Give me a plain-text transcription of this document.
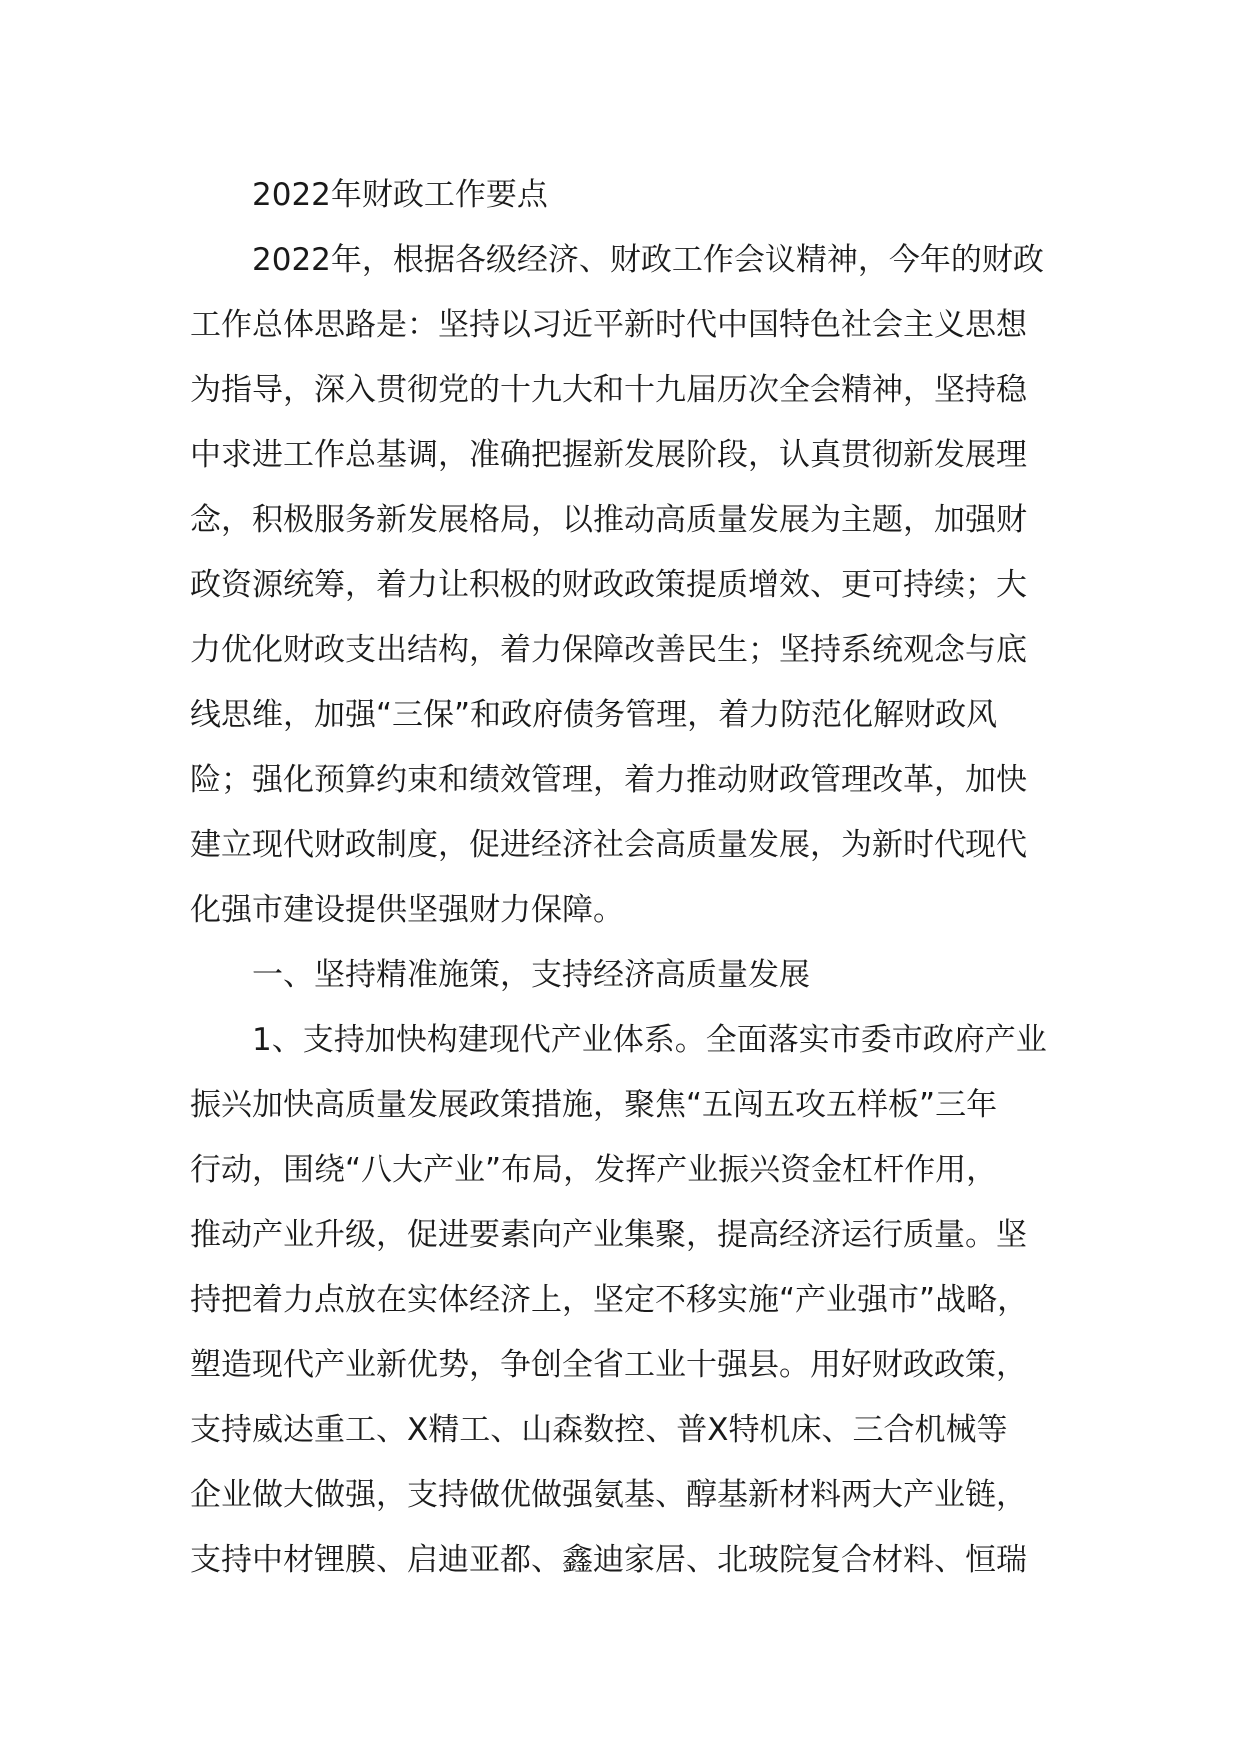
2022年财政工作要点
2022年，根据各级经济、财政工作会议精神，今年的财政
工作总体思路是：坚持以习近平新时代中国特色社会主义思想
为指导，深入贯彻党的十九大和十九届历次全会精神，坚持稳
中求进工作总基调，准确把握新发展阶段，认真贯彻新发展理
念，积极服务新发展格局，以推动高质量发展为主题，加强财
政资源统筹，着力让积极的财政政策提质增效、更可持续；大
力优化财政支出结构，着力保障改善民生；坚持系统观念与底
线思维，加强“三保”和政府债务管理，着力防范化解财政风
险；强化预算约束和绩效管理，着力推动财政管理改革，加快
建立现代财政制度，促进经济社会高质量发展，为新时代现代
化强市建设提供坚强财力保障。
一、坚持精准施策，支持经济高质量发展
1、支持加快构建现代产业体系。全面落实市委市政府产业
振兴加快高质量发展政策措施，聚焦“五闯五攻五样板”三年
行动，围绕“八大产业”布局，发挥产业振兴资金杠杆作用，
推动产业升级，促进要素向产业集聚，提高经济运行质量。坚
持把着力点放在实体经济上，坚定不移实施“产业强市”战略，
塑造现代产业新优势，争创全省工业十强县。用好财政政策，
支持威达重工、X精工、山森数控、普X特机床、三合机械等
企业做大做强，支持做优做强氨基、醇基新材料两大产业链，
支持中材锂膜、启迪亚都、鑫迪家居、北玻院复合材料、恒瑞
